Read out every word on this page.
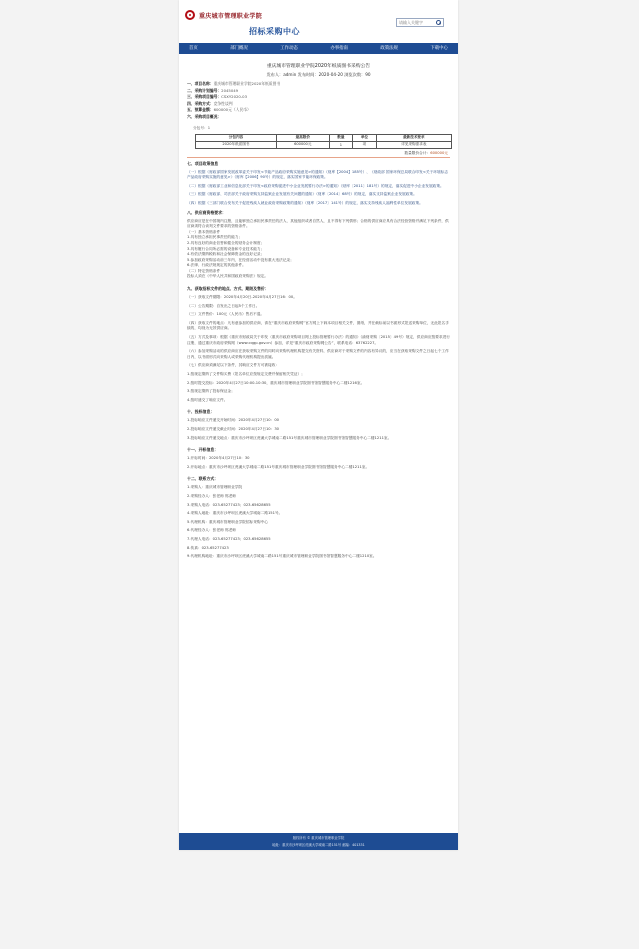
重庆城市管理职业学院
招标采购中心
请输入关键字
首页	部门概况	工作动态	办事指南	政策法规	下载中心
重庆城市管理职业学院2020年纸质图书采购公告
发布人：admin 发布时间：2020-04-20 浏览次数：90
一、项目名称：重庆城市管理职业学院2020年纸质图书
二、采购计划编号：2045049
三、采购项目编号：CSXY2020-03
四、采购方式：竞争性谈判
五、预算金额：600000元（人民币）
六、采购项目概况：
分包号：1
分包内容	最高限价	数量	单位	最新技术要求
2020年纸质图书	600000元	1	项	详见采购需求表
数量限价合计：600000元
七、项目政策信息
（一）根据《财政部国家发展改革委关于印发<节能产品政府采购实施意见>的通知》（财库【2004】185号）、《财政部 国家环保总局联合印发<关于环境标志产品政府采购实施的意见>》（财库【2006】90号）的规定，落实国家节能环保政策。
（二）根据《财政部工业和信息化部关于印发<政府采购促进中小企业发展暂行办法>的通知》（财库〔2011〕181号）的规定，落实促进中小企业发展政策。
（三）根据《财政部、司法部关于政府采购支持监狱企业发展有关问题的通知》（财库〔2014〕68号）的规定，落实支持监狱企业发展政策。
（四）根据《三部门联合发布关于促进残疾人就业政府采购政策的通知》（财库〔2017〕141号）的规定，落实支持残疾人福利性单位发展政策。
八、供应商资格要求：
供应商应是在中国境内注册，且能够独立承担民事责任的法人、其他组织或者自然人，且不得有下列情形；合格的供应商应具有合法经营资格并满足下列条件，供应商须符合谈判文件要求的资格条件。
（一）基本资格条件
1.具有独立承担民事责任的能力；
2.具有良好的商业信誉和健全的财务会计制度；
3.具有履行合同所必需的设备和专业技术能力；
4.有依法缴纳税收和社会保障资金的良好记录；
5.参加政府采购活动前三年内，在经营活动中没有重大违法记录；
6.法律、行政法规规定的其他条件。
（二）特定资格条件
投标人须在《中华人民共和国政府采购法》规定。
九、获取招标文件的地点、方式、期限及售价：
（一）获取文件期限：2020年4月20日-2020年4月27日16：00。
（二）公告期限：自发出之日起5个工作日。
（三）文件售价：100元（人民币）售后不退。
（四）获取文件的地点：凡有意参加的供应商，请在“重庆市政府采购网”官方网上下载本项目相关文件，图纸，并在截标前以书面形式报送采购单位，无此报名手续的，均视为无效供应商。
（五）方式及事项：根据《重庆市财政局关于印发〈重庆市政府采购项目网上投标管理暂行办法〉的通知》（渝财采购〔2015〕49号）规定，供应商应按要求进行注册，通过重庆市政府采购网（www.cqgp.gov.cn）参加，详见“重庆市政府采购网公告”，联系电话：63762227。
（六）参加采购活动的供应商应在获取采购文件的同时向采购代理机构提交有关资料，供应商对于采购文件的内容有异议的，应当在获取采购文件之日起七个工作日内，以书面形式向采购人或采购代理机构提出质疑。
（七）供应商须满足以下条件，其响应文件方可被接收：
1.按规定缴纳了文件购买费（报名单位应按规定交费并保留相关凭证）；
2.按时提交投标：2020年4月27日10:00-10:30，重庆城市管理职业学院图书馆智慧服务中心二楼1216室。
3.按规定缴纳了投标保证金；
4.按时递交了响应文件。
十、投标信息：
1.投标响应文件递交开始时间：2020年4月27日10：00
2.投标响应文件递交截止时间：2020年4月27日10：30
3.投标响应文件递交地点：重庆市沙坪坝区虎溪大学城南二路151号重庆城市管理职业学院图书馆智慧服务中心二楼1211室。
十一、开标信息：
1.开标时间：2020年4月27日10：30
2.开标地点：重庆市沙坪坝区虎溪大学城南二路151号重庆城市管理职业学院图书馆智慧服务中心二楼1211室。
十二、联系方式：
1.采购人：重庆城市管理职业学院
2.采购经办人：张老师 郭老师
3.采购人电话：023-65277423；023-65628655
4.采购人地址：重庆市沙坪坝区虎溪大学城南二路151号。
5.代理机构：重庆城市管理职业学院招标采购中心
6.代理经办人：张老师 郭老师
7.代理人电话：023-65277423；023-65628655
8.传真：023-65277423
9.代理机构地址：重庆市沙坪坝区虎溪大学城南二路151号重庆城市管理职业学院图书馆智慧服务中心二楼1210室。
版权所有 © 重庆城市管理职业学院
地址：重庆市沙坪坝区虎溪大学城南二路151号 邮编：401331
